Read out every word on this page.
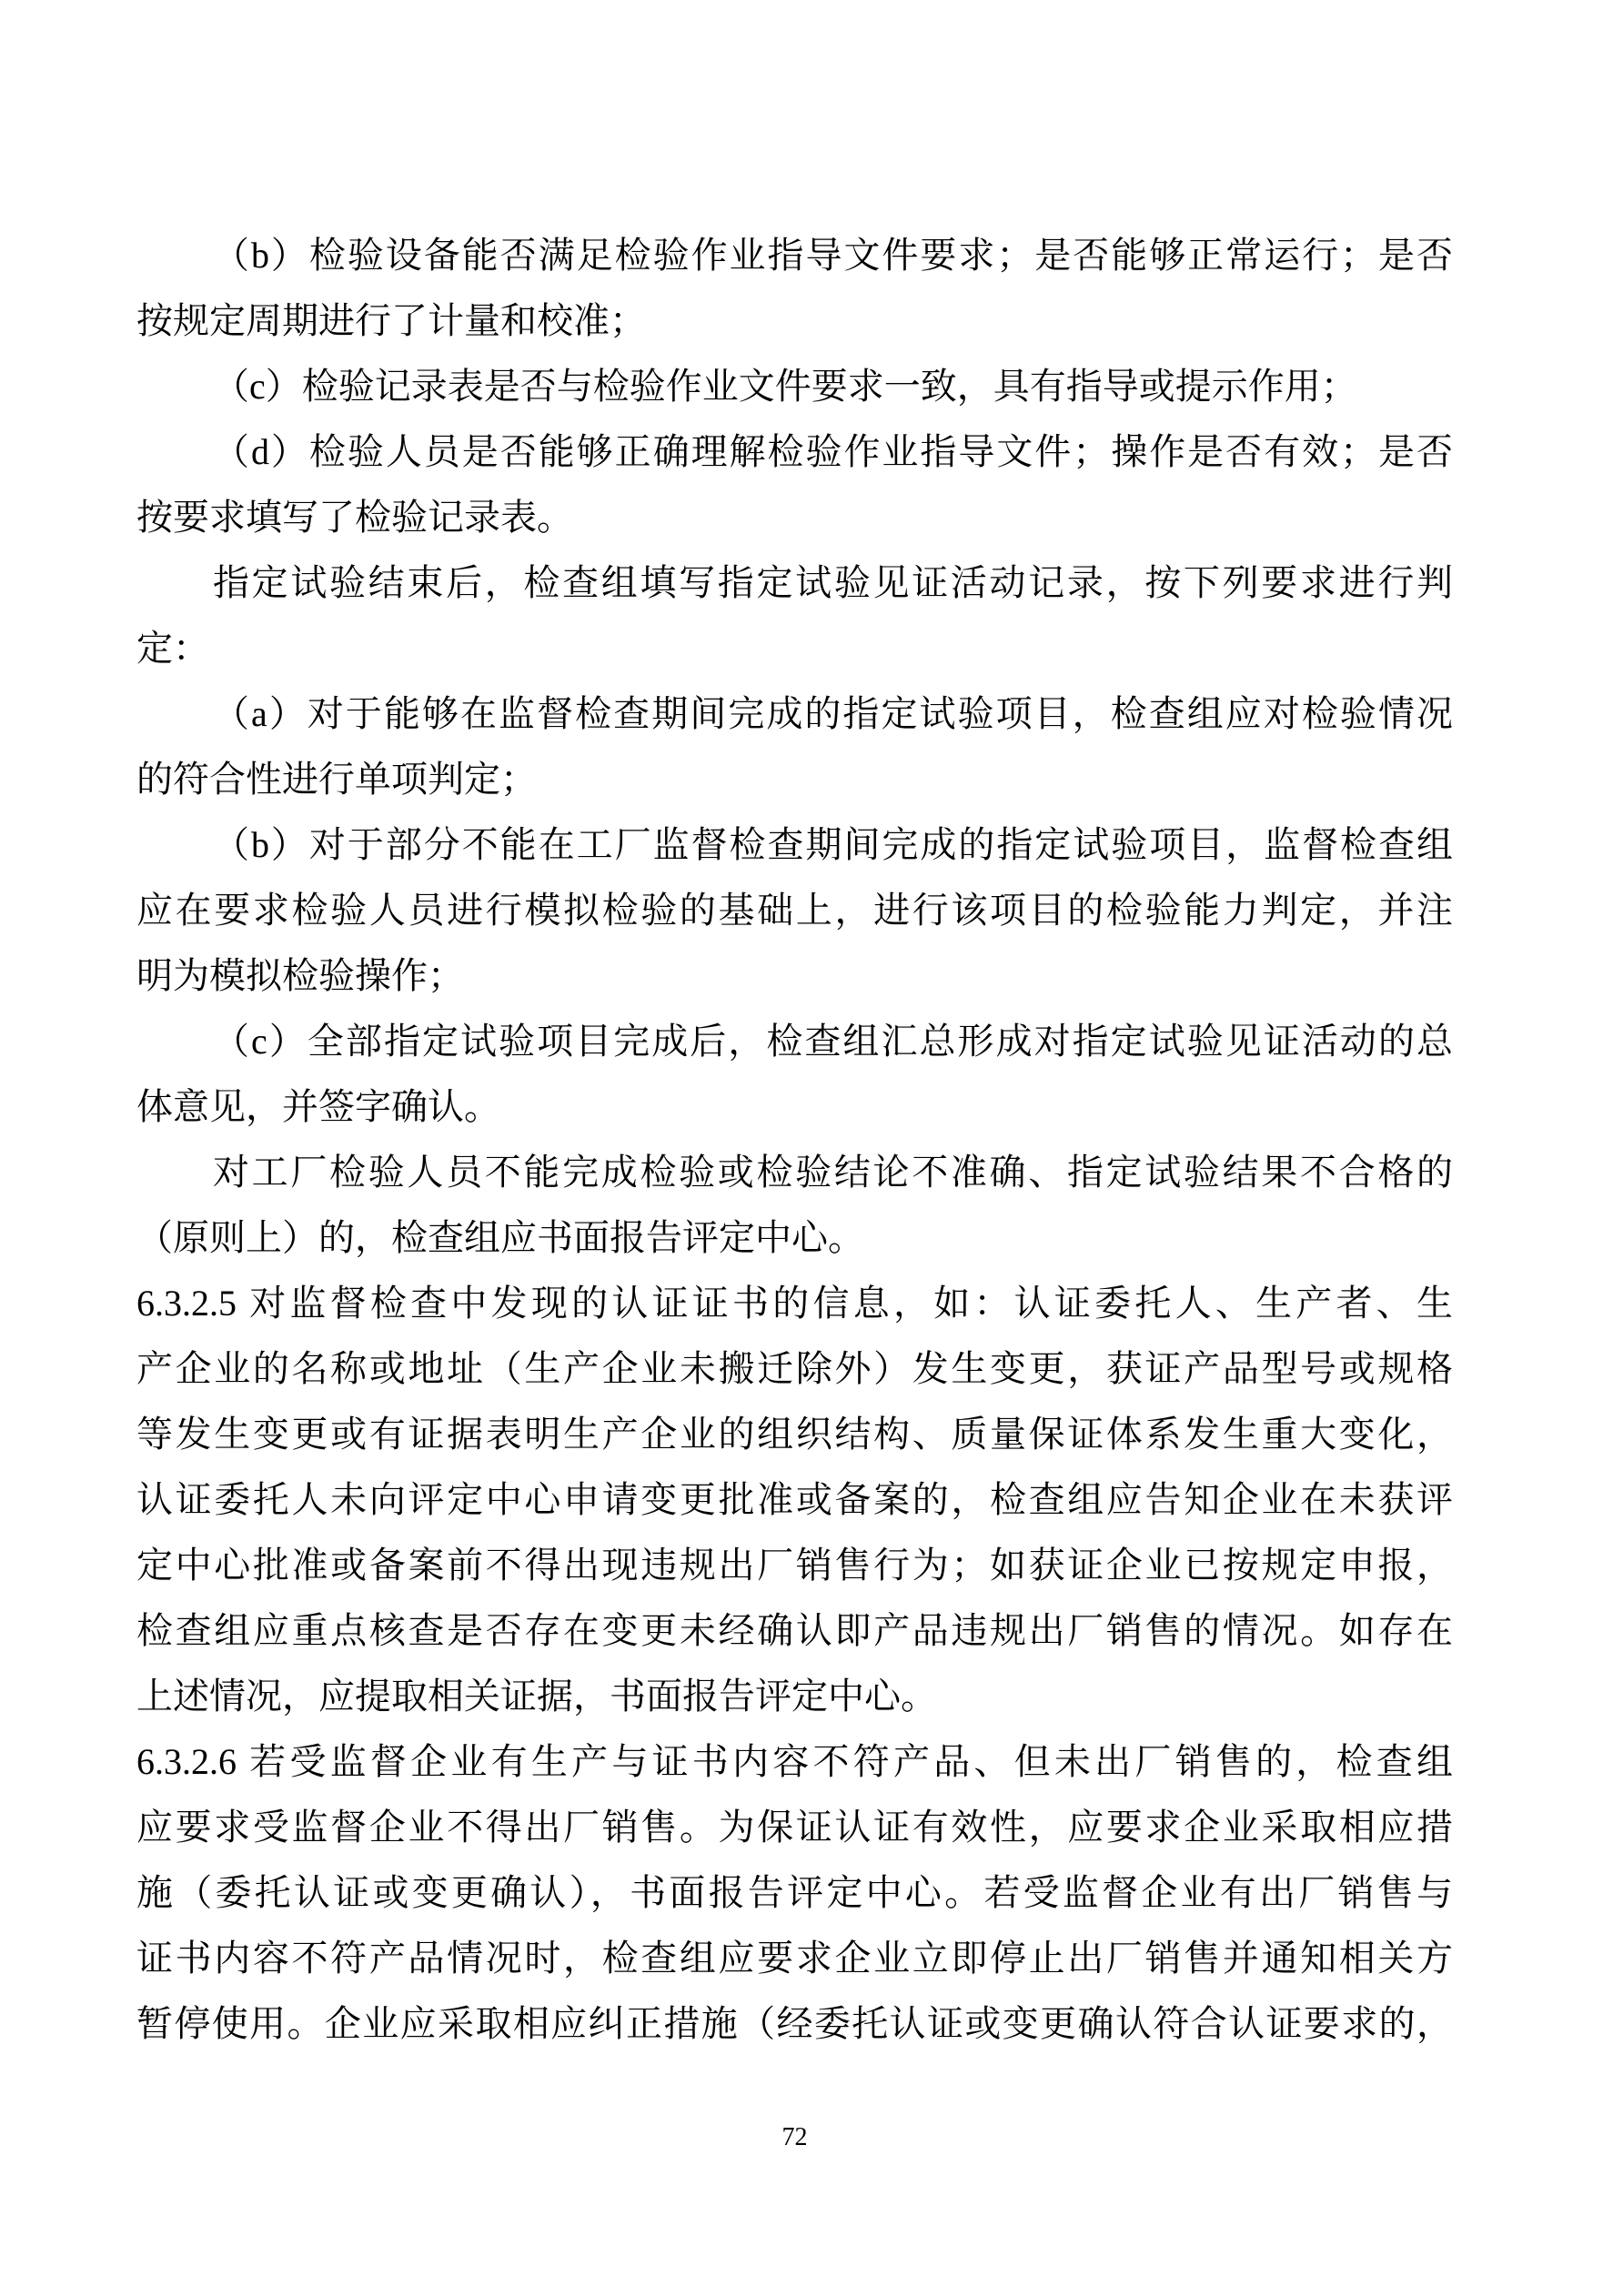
（b）检验设备能否满足检验作业指导文件要求；是否能够正常运行；是否
按规定周期进行了计量和校准；
（c）检验记录表是否与检验作业文件要求一致，具有指导或提示作用；
（d）检验人员是否能够正确理解检验作业指导文件；操作是否有效；是否
按要求填写了检验记录表。
指定试验结束后，检查组填写指定试验见证活动记录，按下列要求进行判
定：
（a）对于能够在监督检查期间完成的指定试验项目，检查组应对检验情况
的符合性进行单项判定；
（b）对于部分不能在工厂监督检查期间完成的指定试验项目，监督检查组
应在要求检验人员进行模拟检验的基础上，进行该项目的检验能力判定，并注
明为模拟检验操作；
（c）全部指定试验项目完成后，检查组汇总形成对指定试验见证活动的总
体意见，并签字确认。
对工厂检验人员不能完成检验或检验结论不准确、指定试验结果不合格的
（原则上）的，检查组应书面报告评定中心。
6.3.2.5 对监督检查中发现的认证证书的信息，如：认证委托人、生产者、生
产企业的名称或地址（生产企业未搬迁除外）发生变更，获证产品型号或规格
等发生变更或有证据表明生产企业的组织结构、质量保证体系发生重大变化，
认证委托人未向评定中心申请变更批准或备案的，检查组应告知企业在未获评
定中心批准或备案前不得出现违规出厂销售行为；如获证企业已按规定申报，
检查组应重点核查是否存在变更未经确认即产品违规出厂销售的情况。如存在
上述情况，应提取相关证据，书面报告评定中心。
6.3.2.6 若受监督企业有生产与证书内容不符产品、但未出厂销售的，检查组
应要求受监督企业不得出厂销售。为保证认证有效性，应要求企业采取相应措
施（委托认证或变更确认），书面报告评定中心。若受监督企业有出厂销售与
证书内容不符产品情况时，检查组应要求企业立即停止出厂销售并通知相关方
暂停使用。企业应采取相应纠正措施（经委托认证或变更确认符合认证要求的，
72
